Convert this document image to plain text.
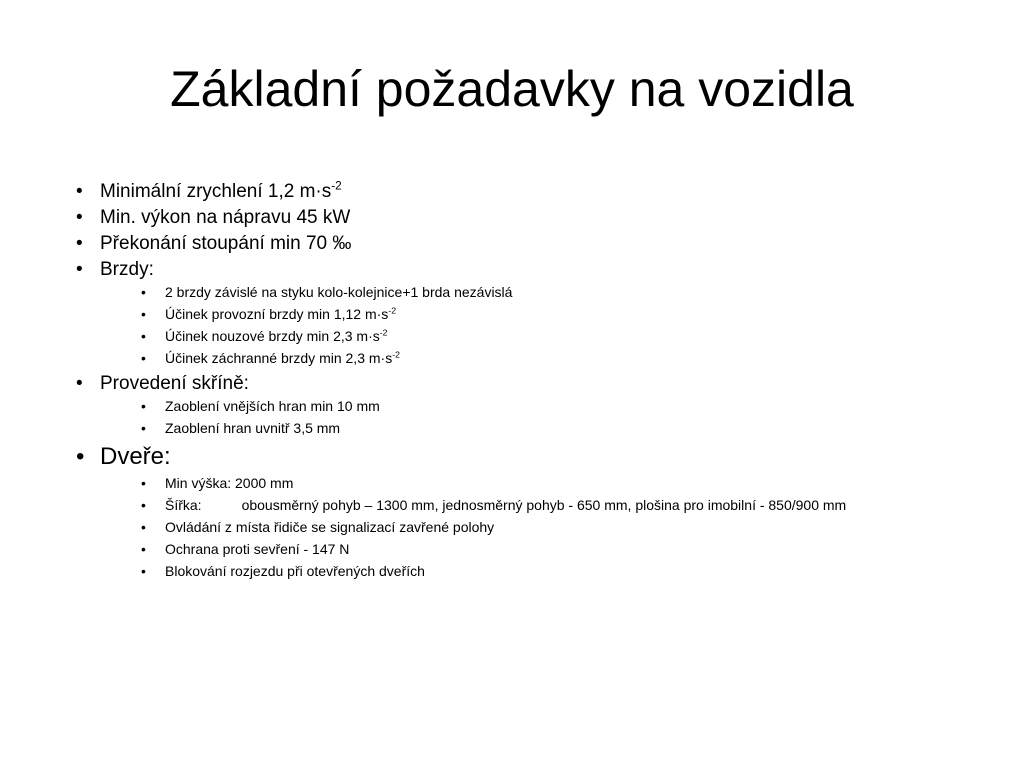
Základní požadavky na vozidla
• Minimální zrychlení 1,2 $m\cdot s^{-2}$
• Min. výkon na nápravu 45 kW
• Překonání stoupání min 70 ‰
• Brzdy:
• 2 brzdy závislé na styku kolo-kolejnice+1 brda nezávislá
• Účinek provozní brzdy min 1,12 $m\cdot s^{-2}$
• Účinek nouzové brzdy min 2,3 $m\cdot s^{-2}$
• Účinek záchranné brzdy min 2,3 $m\cdot s^{-2}$
• Provedení skříně:
• Zaoblení vnějších hran min 10 mm
• Zaoblení hran uvnitř 3,5 mm
• Dveře:
• Min výška: 2000 mm
• Šířka:	obousměrný pohyb – 1300 mm, jednosměrný pohyb - 650 mm, plošina pro imobilní - 850/900 mm
• Ovládání z místa řidiče se signalizací zavřené polohy
• Ochrana proti sevření - 147 N
• Blokování rozjezdu při otevřených dveřích
